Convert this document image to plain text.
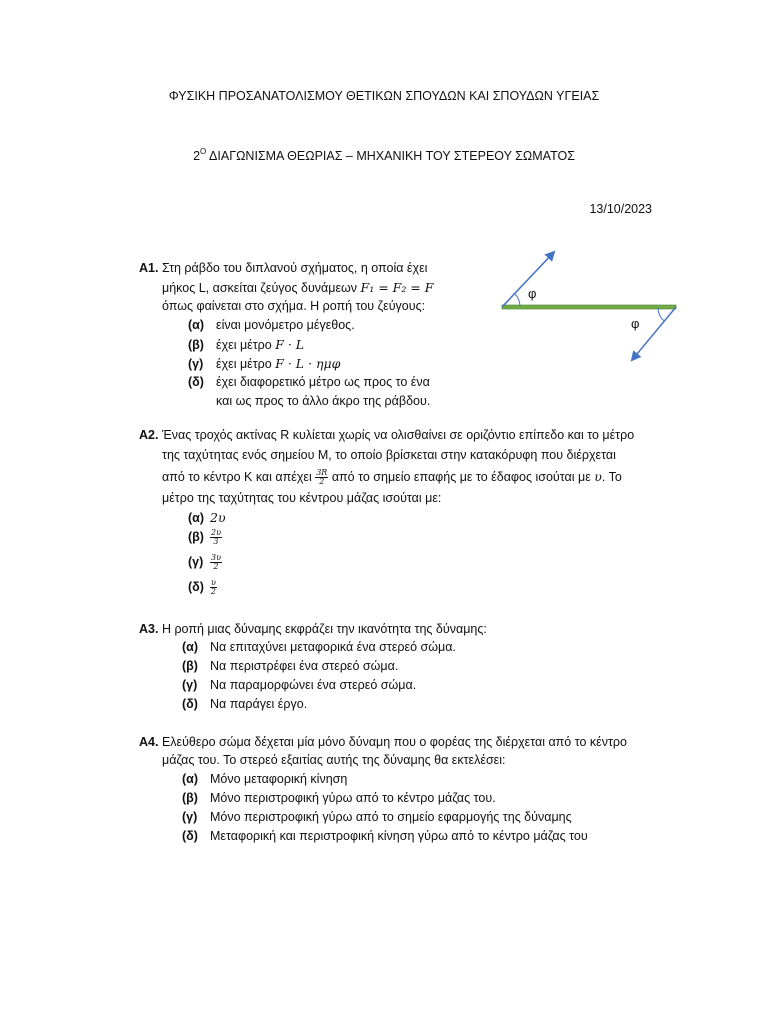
ΦΥΣΙΚΗ ΠΡΟΣΑΝΑΤΟΛΙΣΜΟΥ ΘΕΤΙΚΩΝ ΣΠΟΥΔΩΝ ΚΑΙ ΣΠΟΥΔΩΝ ΥΓΕΙΑΣ
$2^O$ ΔΙΑΓΩΝΙΣΜΑ ΘΕΩΡΙΑΣ – ΜΗΧΑΝΙΚΗ ΤΟΥ ΣΤΕΡΕΟΥ ΣΩΜΑΤΟΣ
13/10/2023
Α1. Στη ράβδο του διπλανού σχήματος, η οποία έχει
μήκος L, ασκείται ζεύγος δυνάμεων F₁ = F₂ = F
όπως φαίνεται στο σχήμα. Η ροπή του ζεύγους:
(α) είναι μονόμετρο μέγεθος.
(β) έχει μέτρο F · L
(γ) έχει μέτρο F · L · ημφ
(δ) έχει διαφορετικό μέτρο ως προς το ένα
και ως προς το άλλο άκρο της ράβδου.
φ
φ
Α2. Ένας τροχός ακτίνας R κυλίεται χωρίς να ολισθαίνει σε οριζόντιο επίπεδο και το μέτρο
της ταχύτητας ενός σημείου Μ, το οποίο βρίσκεται στην κατακόρυφη που διέρχεται
από το κέντρο Κ και απέχει $\frac{3R}{2}$ από το σημείο επαφής με το έδαφος ισούται με υ. Το
μέτρο της ταχύτητας του κέντρου μάζας ισούται με:
(α) 2υ
$(\beta) \frac{2\upsilon}{3}$
$(\gamma) \frac{3\upsilon}{2}$
$(\delta) \frac{\upsilon}{2}$
Α3. Η ροπή μιας δύναμης εκφράζει την ικανότητα της δύναμης:
(α) Να επιταχύνει μεταφορικά ένα στερεό σώμα.
(β) Να περιστρέφει ένα στερεό σώμα.
(γ) Να παραμορφώνει ένα στερεό σώμα.
(δ) Να παράγει έργο.
Α4. Ελεύθερο σώμα δέχεται μία μόνο δύναμη που ο φορέας της διέρχεται από το κέντρο
μάζας του. Το στερεό εξαιτίας αυτής της δύναμης θα εκτελέσει:
(α) Μόνο μεταφορική κίνηση
(β) Μόνο περιστροφική γύρω από το κέντρο μάζας του.
(γ) Μόνο περιστροφική γύρω από το σημείο εφαρμογής της δύναμης
(δ) Μεταφορική και περιστροφική κίνηση γύρω από το κέντρο μάζας του
